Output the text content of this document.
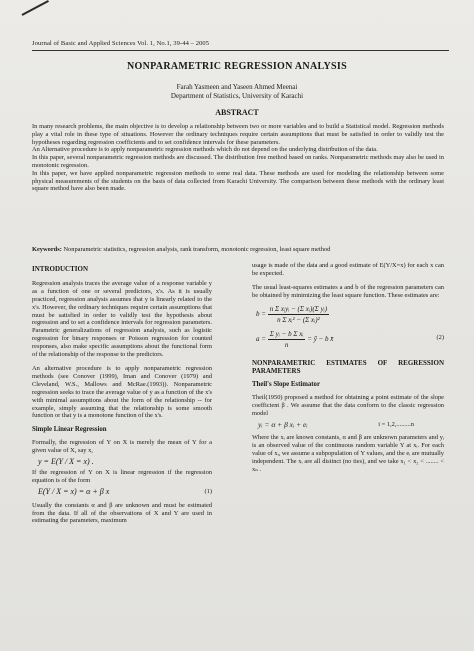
Journal of Basic and Applied Sciences Vol. 1, No.1, 39-44 – 2005
NONPARAMETRIC REGRESSION ANALYSIS
Farah Yasmeen and Yaseen Ahmed Meenai
Department of Statistics, University of Karachi
ABSTRACT

In many research problems, the main objective is to develop a relationship between two or more variables and to build a Statistical model. Regression methods play a vital role in these type of situations. However the ordinary techniques require certain assumptions that must be satisfied in order to validly test the hypotheses regarding regression coefficients and to set confidence intervals for these parameters.

An Alternative procedure is to apply nonparametric regression methods which do not depend on the underlying distribution of the data.

In this paper, several nonparametric regression methods are discussed. The distribution free method based on ranks. Nonparametric methods may also be used in monotonic regression.

In this paper, we have applied nonparametric regression methods to some real data. These methods are used for modeling the relationship between some physical measurements of the students on the basis of data collected from Karachi University. The comparison between these methods with the ordinary least square method have also been made.

Keywords: Nonparametric statistics, regression analysis, rank transform, monotonic regression, least square method
INTRODUCTION

Regression analysis traces the average value of a response variable y as a function of one or several predictors, x's. As it is usually practiced, regression analysis assumes that y is linearly related to the x's. However, the ordinary techniques require certain assumptions that must be satisfied in order to validly test the hypothesis about regression and to set a confidence intervals for regression parameters. Parametric generalizations of regression analysis, such as logistic regression for binary responses or Poisson regression for counted responses, also make specific assumptions about the functional form of the relationship of the response to the predictors.

An alternative procedure is to apply nonparametric regression methods (see Conover (1999), Iman and Conover (1979) and Cleveland, W.S., Mallows and McRae.(1993)). Nonparametric regression seeks to trace the average value of y as a function of the x's with minimal assumptions about the form of the relationship -- for example, simply assuming that the relationship is some smooth function or that y is a monotone function of the x's.

Simple Linear Regression

Formally, the regression of Y on X is merely the mean of Y for a given value of X, say x,

y = E(Y / X = x) .

If the regression of Y on X is linear regression if the regression equation is of the form

E(Y / X = x) = α + β x	(1)

Usually the constants α and β are unknown and must be estimated from the data. If all of the observations of X and Y are used in estimating the parameters, maximum

usage is made of the data and a good estimate of E(Y/X=x) for each x can be expected.

The usual least-squares estimates a and b of the regression parameters can be obtained by minimizing the least square function. These estimates are:

$b = \frac{\text{n Σ xᵢyᵢ − (Σ xᵢ)(Σ yᵢ)}}{\text{n Σ xᵢ² − (Σ xᵢ)²}}$
$a = \frac{\text{Σ yᵢ − b Σ xᵢ}}{n}$ = ȳ − b x̄	(2)
NONPARAMETRIC ESTIMATES OF REGRESSION PARAMETERS
Theil's Slope Estimator

Theil(1950) proposed a method for obtaining a point estimate of the slope coefficient β . We assume that the data conform to the classic regression model

yᵢ = α + β xᵢ + eᵢ	i = 1,2,.........n

Where the xᵢ are known constants, α and β are unknown parameters and yᵢ is an observed value of the continuous random variable Y at xᵢ. For each value of xᵢ, we assume a subpopulation of Y values, and the eᵢ are mutually independent. The xᵢ are all distinct (no ties), and we take x₁ < x₂ < ........ < xₙ .
